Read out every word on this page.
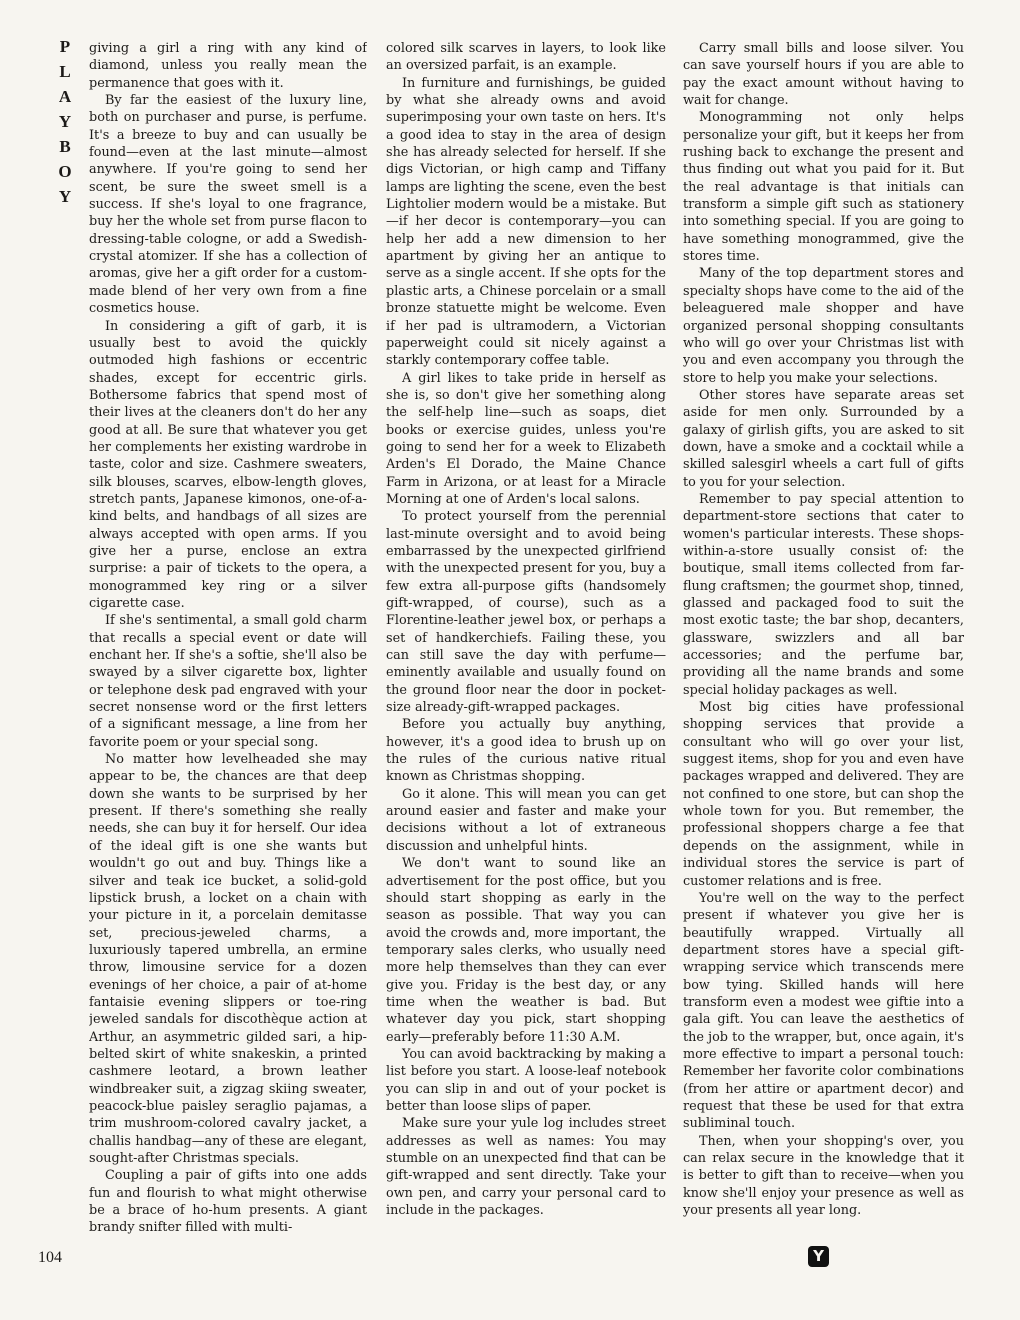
P
L
A
Y
B
O
Y

giving a girl a ring with any kind of diamond, unless you really mean the permanence that goes with it.

By far the easiest of the luxury line, both on purchaser and purse, is perfume. It's a breeze to buy and can usually be found—even at the last minute—almost anywhere. If you're going to send her scent, be sure the sweet smell is a success. If she's loyal to one fragrance, buy her the whole set from purse flacon to dressing-table cologne, or add a Swedish-crystal atomizer. If she has a collection of aromas, give her a gift order for a custom-made blend of her very own from a fine cosmetics house.

In considering a gift of garb, it is usually best to avoid the quickly outmoded high fashions or eccentric shades, except for eccentric girls. Bothersome fabrics that spend most of their lives at the cleaners don't do her any good at all. Be sure that whatever you get her complements her existing wardrobe in taste, color and size. Cashmere sweaters, silk blouses, scarves, elbow-length gloves, stretch pants, Japanese kimonos, one-of-a-kind belts, and handbags of all sizes are always accepted with open arms. If you give her a purse, enclose an extra surprise: a pair of tickets to the opera, a monogrammed key ring or a silver cigarette case.

If she's sentimental, a small gold charm that recalls a special event or date will enchant her. If she's a softie, she'll also be swayed by a silver cigarette box, lighter or telephone desk pad engraved with your secret nonsense word or the first letters of a significant message, a line from her favorite poem or your special song.

No matter how levelheaded she may appear to be, the chances are that deep down she wants to be surprised by her present. If there's something she really needs, she can buy it for herself. Our idea of the ideal gift is one she wants but wouldn't go out and buy. Things like a silver and teak ice bucket, a solid-gold lipstick brush, a locket on a chain with your picture in it, a porcelain demitasse set, precious-jeweled charms, a luxuriously tapered umbrella, an ermine throw, limousine service for a dozen evenings of her choice, a pair of at-home fantaisie evening slippers or toe-ring jeweled sandals for discothèque action at Arthur, an asymmetric gilded sari, a hip-belted skirt of white snakeskin, a printed cashmere leotard, a brown leather windbreaker suit, a zigzag skiing sweater, peacock-blue paisley seraglio pajamas, a trim mushroom-colored cavalry jacket, a challis handbag—any of these are elegant, sought-after Christmas specials.

Coupling a pair of gifts into one adds fun and flourish to what might otherwise be a brace of ho-hum presents. A giant brandy snifter filled with multi-

colored silk scarves in layers, to look like an oversized parfait, is an example.

In furniture and furnishings, be guided by what she already owns and avoid superimposing your own taste on hers. It's a good idea to stay in the area of design she has already selected for herself. If she digs Victorian, or high camp and Tiffany lamps are lighting the scene, even the best Lightolier modern would be a mistake. But—if her decor is contemporary—you can help her add a new dimension to her apartment by giving her an antique to serve as a single accent. If she opts for the plastic arts, a Chinese porcelain or a small bronze statuette might be welcome. Even if her pad is ultramodern, a Victorian paperweight could sit nicely against a starkly contemporary coffee table.

A girl likes to take pride in herself as she is, so don't give her something along the self-help line—such as soaps, diet books or exercise guides, unless you're going to send her for a week to Elizabeth Arden's El Dorado, the Maine Chance Farm in Arizona, or at least for a Miracle Morning at one of Arden's local salons.

To protect yourself from the perennial last-minute oversight and to avoid being embarrassed by the unexpected girlfriend with the unexpected present for you, buy a few extra all-purpose gifts (handsomely gift-wrapped, of course), such as a Florentine-leather jewel box, or perhaps a set of handkerchiefs. Failing these, you can still save the day with perfume—eminently available and usually found on the ground floor near the door in pocket-size already-gift-wrapped packages.

Before you actually buy anything, however, it's a good idea to brush up on the rules of the curious native ritual known as Christmas shopping.

Go it alone. This will mean you can get around easier and faster and make your decisions without a lot of extraneous discussion and unhelpful hints.

We don't want to sound like an advertisement for the post office, but you should start shopping as early in the season as possible. That way you can avoid the crowds and, more important, the temporary sales clerks, who usually need more help themselves than they can ever give you. Friday is the best day, or any time when the weather is bad. But whatever day you pick, start shopping early—preferably before 11:30 A.M.

You can avoid backtracking by making a list before you start. A loose-leaf notebook you can slip in and out of your pocket is better than loose slips of paper.

Make sure your yule log includes street addresses as well as names: You may stumble on an unexpected find that can be gift-wrapped and sent directly. Take your own pen, and carry your personal card to include in the packages.

Carry small bills and loose silver. You can save yourself hours if you are able to pay the exact amount without having to wait for change.

Monogramming not only helps personalize your gift, but it keeps her from rushing back to exchange the present and thus finding out what you paid for it. But the real advantage is that initials can transform a simple gift such as stationery into something special. If you are going to have something monogrammed, give the stores time.

Many of the top department stores and specialty shops have come to the aid of the beleaguered male shopper and have organized personal shopping consultants who will go over your Christmas list with you and even accompany you through the store to help you make your selections.

Other stores have separate areas set aside for men only. Surrounded by a galaxy of girlish gifts, you are asked to sit down, have a smoke and a cocktail while a skilled salesgirl wheels a cart full of gifts to you for your selection.

Remember to pay special attention to department-store sections that cater to women's particular interests. These shops-within-a-store usually consist of: the boutique, small items collected from far-flung craftsmen; the gourmet shop, tinned, glassed and packaged food to suit the most exotic taste; the bar shop, decanters, glassware, swizzlers and all bar accessories; and the perfume bar, providing all the name brands and some special holiday packages as well.

Most big cities have professional shopping services that provide a consultant who will go over your list, suggest items, shop for you and even have packages wrapped and delivered. They are not confined to one store, but can shop the whole town for you. But remember, the professional shoppers charge a fee that depends on the assignment, while in individual stores the service is part of customer relations and is free.

You're well on the way to the perfect present if whatever you give her is beautifully wrapped. Virtually all department stores have a special gift-wrapping service which transcends mere bow tying. Skilled hands will here transform even a modest wee giftie into a gala gift. You can leave the aesthetics of the job to the wrapper, but, once again, it's more effective to impart a personal touch: Remember her favorite color combinations (from her attire or apartment decor) and request that these be used for that extra subliminal touch.

Then, when your shopping's over, you can relax secure in the knowledge that it is better to gift than to receive—when you know she'll enjoy your presence as well as your presents all year long.

104	Y
